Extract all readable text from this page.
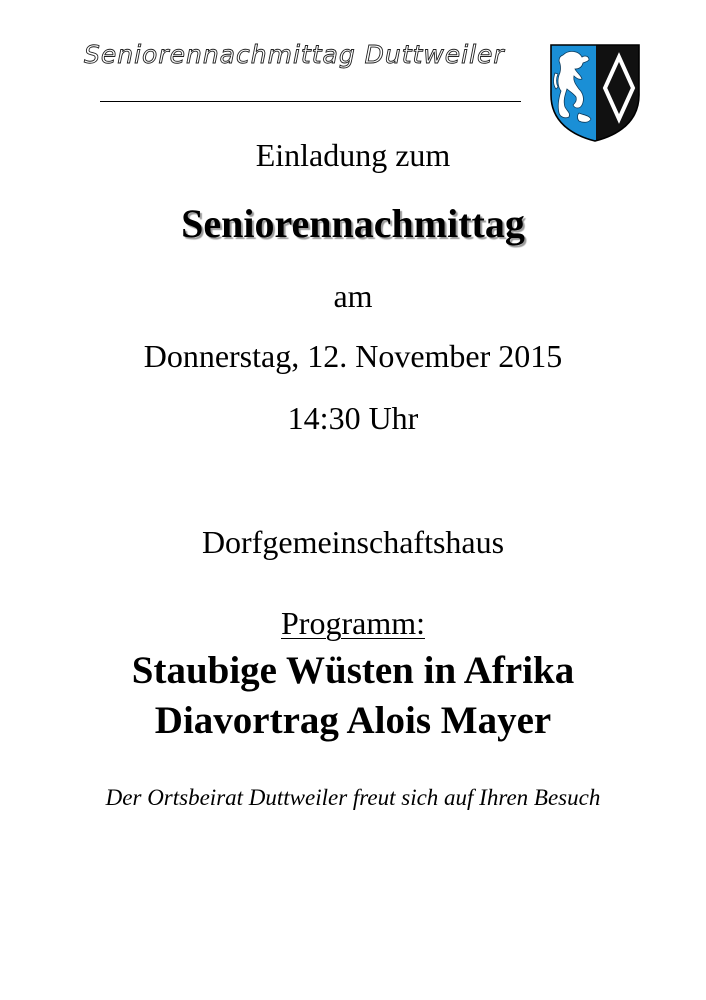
Seniorennachmittag Duttweiler
Einladung zum
Seniorennachmittag
am
Donnerstag, 12. November 2015
14:30 Uhr
Dorfgemeinschaftshaus
Programm:
Staubige Wüsten in Afrika
Diavortrag Alois Mayer
Der Ortsbeirat Duttweiler freut sich auf Ihren Besuch
